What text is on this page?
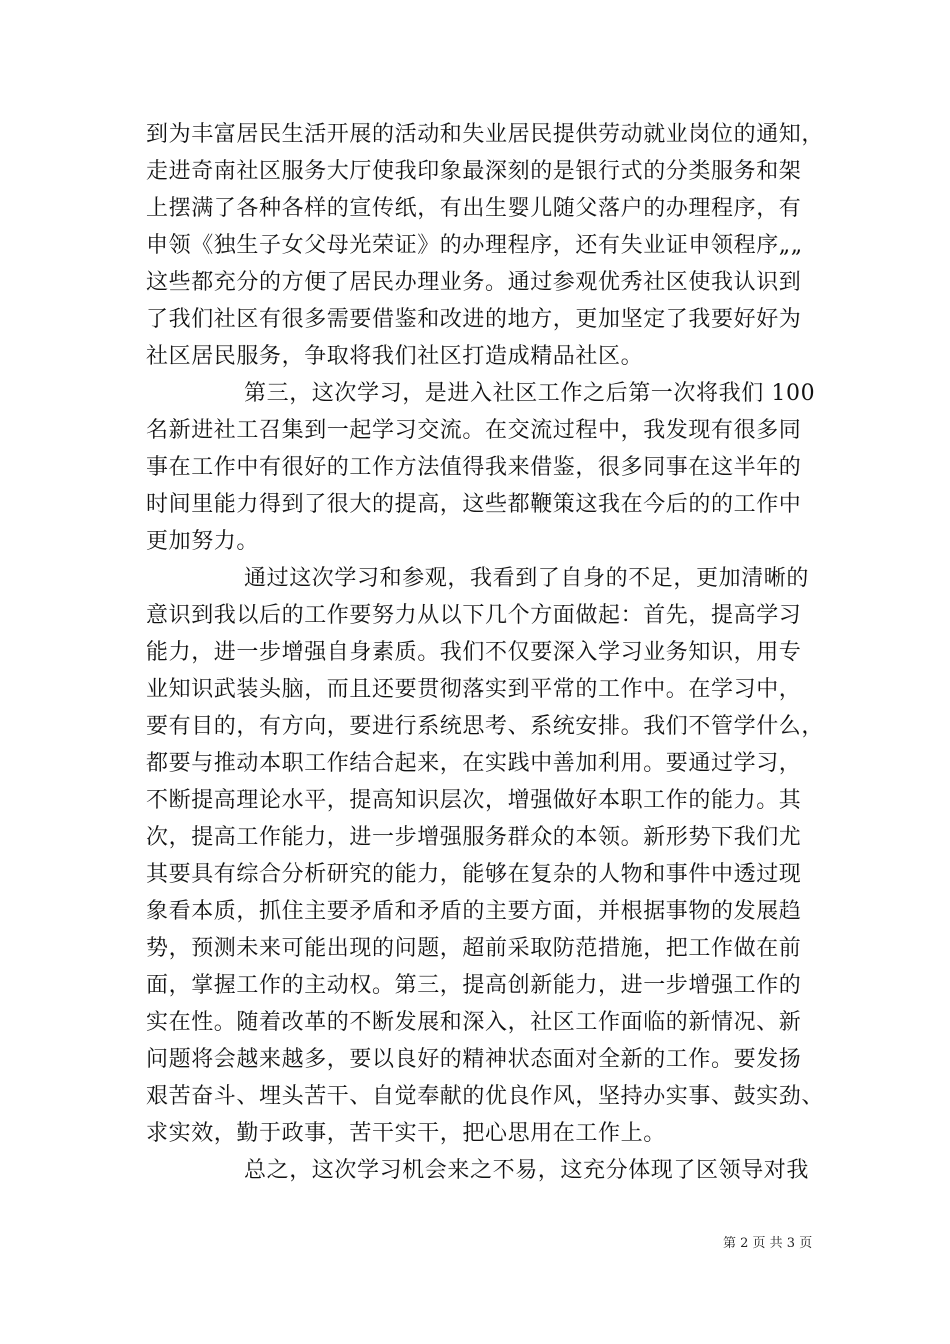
到为丰富居民生活开展的活动和失业居民提供劳动就业岗位的通知，
走进奇南社区服务大厅使我印象最深刻的是银行式的分类服务和架
上摆满了各种各样的宣传纸，有出生婴儿随父落户的办理程序，有
申领《独生子女父母光荣证》的办理程序，还有失业证申领程序„„
这些都充分的方便了居民办理业务。通过参观优秀社区使我认识到
了我们社区有很多需要借鉴和改进的地方，更加坚定了我要好好为
社区居民服务，争取将我们社区打造成精品社区。
第三，这次学习，是进入社区工作之后第一次将我们 100
名新进社工召集到一起学习交流。在交流过程中，我发现有很多同
事在工作中有很好的工作方法值得我来借鉴，很多同事在这半年的
时间里能力得到了很大的提高，这些都鞭策这我在今后的的工作中
更加努力。
通过这次学习和参观，我看到了自身的不足，更加清晰的
意识到我以后的工作要努力从以下几个方面做起：首先，提高学习
能力，进一步增强自身素质。我们不仅要深入学习业务知识，用专
业知识武装头脑，而且还要贯彻落实到平常的工作中。在学习中，
要有目的，有方向，要进行系统思考、系统安排。我们不管学什么，
都要与推动本职工作结合起来，在实践中善加利用。要通过学习，
不断提高理论水平，提高知识层次，增强做好本职工作的能力。其
次，提高工作能力，进一步增强服务群众的本领。新形势下我们尤
其要具有综合分析研究的能力，能够在复杂的人物和事件中透过现
象看本质，抓住主要矛盾和矛盾的主要方面，并根据事物的发展趋
势，预测未来可能出现的问题，超前采取防范措施，把工作做在前
面，掌握工作的主动权。第三，提高创新能力，进一步增强工作的
实在性。随着改革的不断发展和深入，社区工作面临的新情况、新
问题将会越来越多，要以良好的精神状态面对全新的工作。要发扬
艰苦奋斗、埋头苦干、自觉奉献的优良作风，坚持办实事、鼓实劲、
求实效，勤于政事，苦干实干，把心思用在工作上。
总之，这次学习机会来之不易，这充分体现了区领导对我
第 2 页 共 3 页
